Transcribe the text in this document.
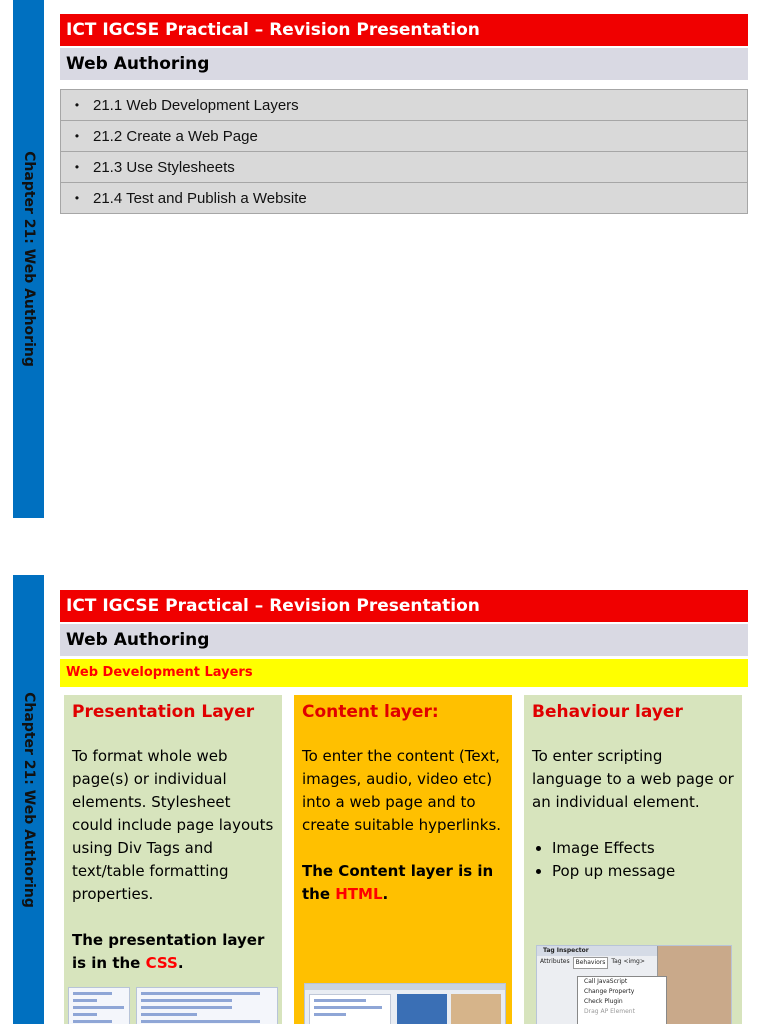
Chapter 21: Web Authoring
ICT IGCSE Practical – Revision Presentation
Web Authoring
• 21.1 Web Development Layers
• 21.2 Create a Web Page
• 21.3 Use Stylesheets
• 21.4 Test and Publish a Website
Chapter 21: Web Authoring
ICT IGCSE Practical – Revision Presentation
Web Authoring
Web Development Layers
Presentation Layer

To format whole web page(s) or individual elements. Stylesheet could include page layouts using Div Tags and text/table formatting properties.

The presentation layer is in the CSS.

Content layer:

To enter the content (Text, images, audio, video etc) into a web page and to create suitable hyperlinks.

The Content layer is in the HTML.

Behaviour layer

To enter scripting language to a web page or an individual element.

• Image Effects
• Pop up message
Tag Inspector
Attributes	Behaviors	Tag <img>
Call JavaScript
Change Property
Check Plugin
Drag AP Element
